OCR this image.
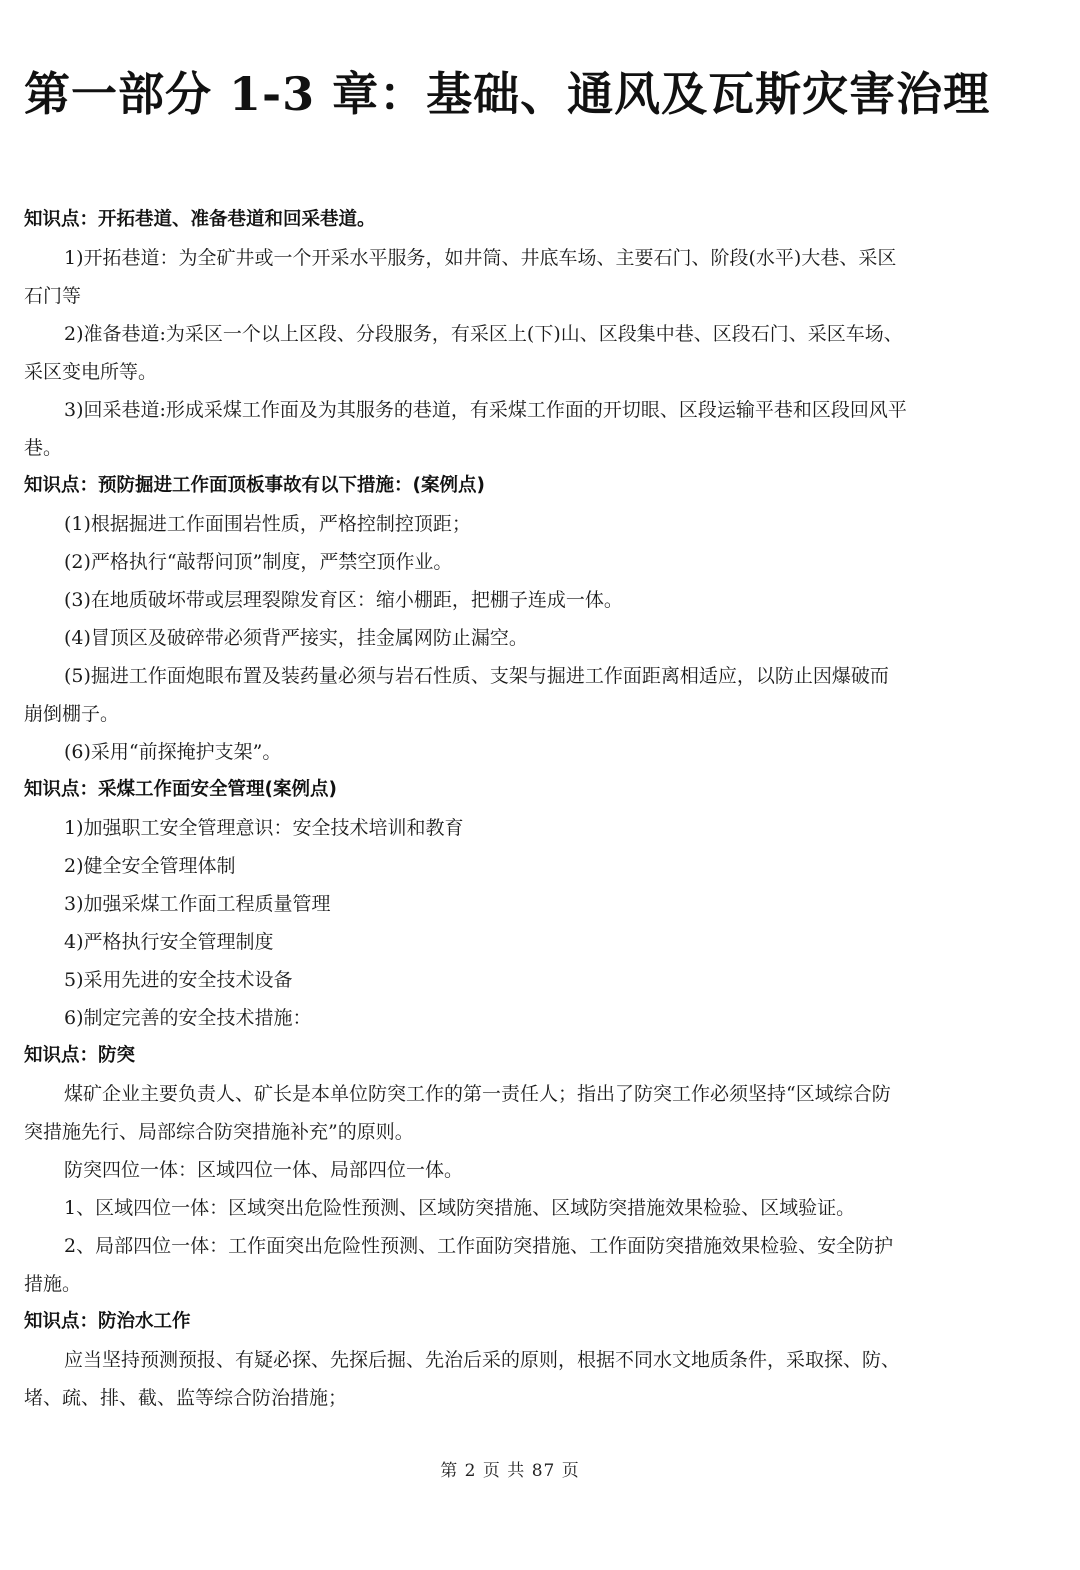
第一部分 1-3 章：基础、通风及瓦斯灾害治理
知识点：开拓巷道、准备巷道和回采巷道。
1)开拓巷道：为全矿井或一个开采水平服务，如井筒、井底车场、主要石门、阶段(水平)大巷、采区
石门等
2)准备巷道:为采区一个以上区段、分段服务，有采区上(下)山、区段集中巷、区段石门、采区车场、
采区变电所等。
3)回采巷道:形成采煤工作面及为其服务的巷道，有采煤工作面的开切眼、区段运输平巷和区段回风平
巷。
知识点：预防掘进工作面顶板事故有以下措施：(案例点)
(1)根据掘进工作面围岩性质，严格控制控顶距；
(2)严格执行“敲帮问顶”制度，严禁空顶作业。
(3)在地质破坏带或层理裂隙发育区：缩小棚距，把棚子连成一体。
(4)冒顶区及破碎带必须背严接实，挂金属网防止漏空。
(5)掘进工作面炮眼布置及装药量必须与岩石性质、支架与掘进工作面距离相适应，以防止因爆破而
崩倒棚子。
(6)采用“前探掩护支架”。
知识点：采煤工作面安全管理(案例点)
1)加强职工安全管理意识：安全技术培训和教育
2)健全安全管理体制
3)加强采煤工作面工程质量管理
4)严格执行安全管理制度
5)采用先进的安全技术设备
6)制定完善的安全技术措施：
知识点：防突
煤矿企业主要负责人、矿长是本单位防突工作的第一责任人；指出了防突工作必须坚持“区域综合防
突措施先行、局部综合防突措施补充”的原则。
防突四位一体：区域四位一体、局部四位一体。
1、区域四位一体：区域突出危险性预测、区域防突措施、区域防突措施效果检验、区域验证。
2、局部四位一体：工作面突出危险性预测、工作面防突措施、工作面防突措施效果检验、安全防护
措施。
知识点：防治水工作
应当坚持预测预报、有疑必探、先探后掘、先治后采的原则，根据不同水文地质条件，采取探、防、
堵、疏、排、截、监等综合防治措施；
第 2 页 共 87 页
